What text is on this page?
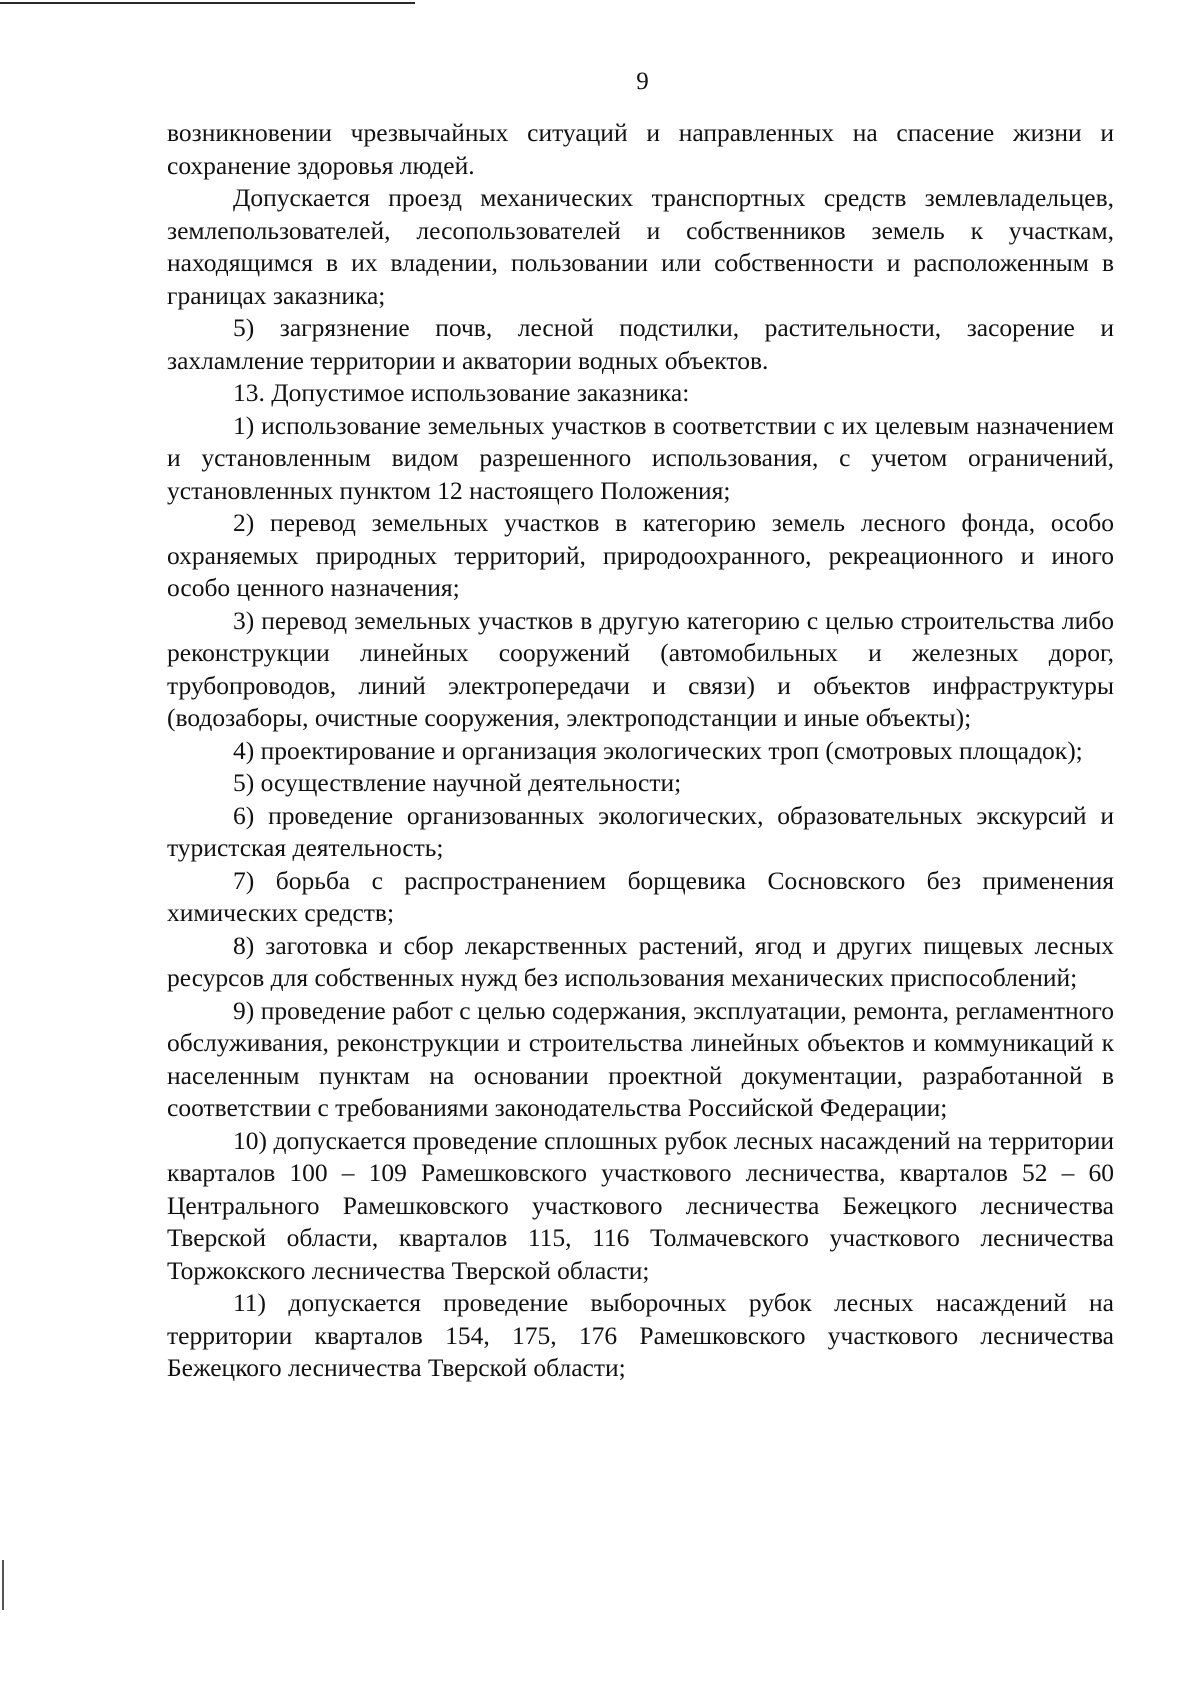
9

возникновении чрезвычайных ситуаций и направленных на спасение жизни и сохранение здоровья людей.

Допускается проезд механических транспортных средств землевладельцев, землепользователей, лесопользователей и собственников земель к участкам, находящимся в их владении, пользовании или собственности и расположенным в границах заказника;

5) загрязнение почв, лесной подстилки, растительности, засорение и захламление территории и акватории водных объектов.

13. Допустимое использование заказника:

1) использование земельных участков в соответствии с их целевым назначением и установленным видом разрешенного использования, с учетом ограничений, установленных пунктом 12 настоящего Положения;

2) перевод земельных участков в категорию земель лесного фонда, особо охраняемых природных территорий, природоохранного, рекреационного и иного особо ценного назначения;

3) перевод земельных участков в другую категорию с целью строительства либо реконструкции линейных сооружений (автомобильных и железных дорог, трубопроводов, линий электропередачи и связи) и объектов инфраструктуры (водозаборы, очистные сооружения, электроподстанции и иные объекты);

4) проектирование и организация экологических троп (смотровых площадок);

5) осуществление научной деятельности;

6) проведение организованных экологических, образовательных экскурсий и туристская деятельность;

7) борьба с распространением борщевика Сосновского без применения химических средств;

8) заготовка и сбор лекарственных растений, ягод и других пищевых лесных ресурсов для собственных нужд без использования механических приспособлений;

9) проведение работ с целью содержания, эксплуатации, ремонта, регламентного обслуживания, реконструкции и строительства линейных объектов и коммуникаций к населенным пунктам на основании проектной документации, разработанной в соответствии с требованиями законодательства Российской Федерации;

10) допускается проведение сплошных рубок лесных насаждений на территории кварталов 100 – 109 Рамешковского участкового лесничества, кварталов 52 – 60 Центрального Рамешковского участкового лесничества Бежецкого лесничества Тверской области, кварталов 115, 116 Толмачевского участкового лесничества Торжокского лесничества Тверской области;

11) допускается проведение выборочных рубок лесных насаждений на территории кварталов 154, 175, 176 Рамешковского участкового лесничества Бежецкого лесничества Тверской области;
